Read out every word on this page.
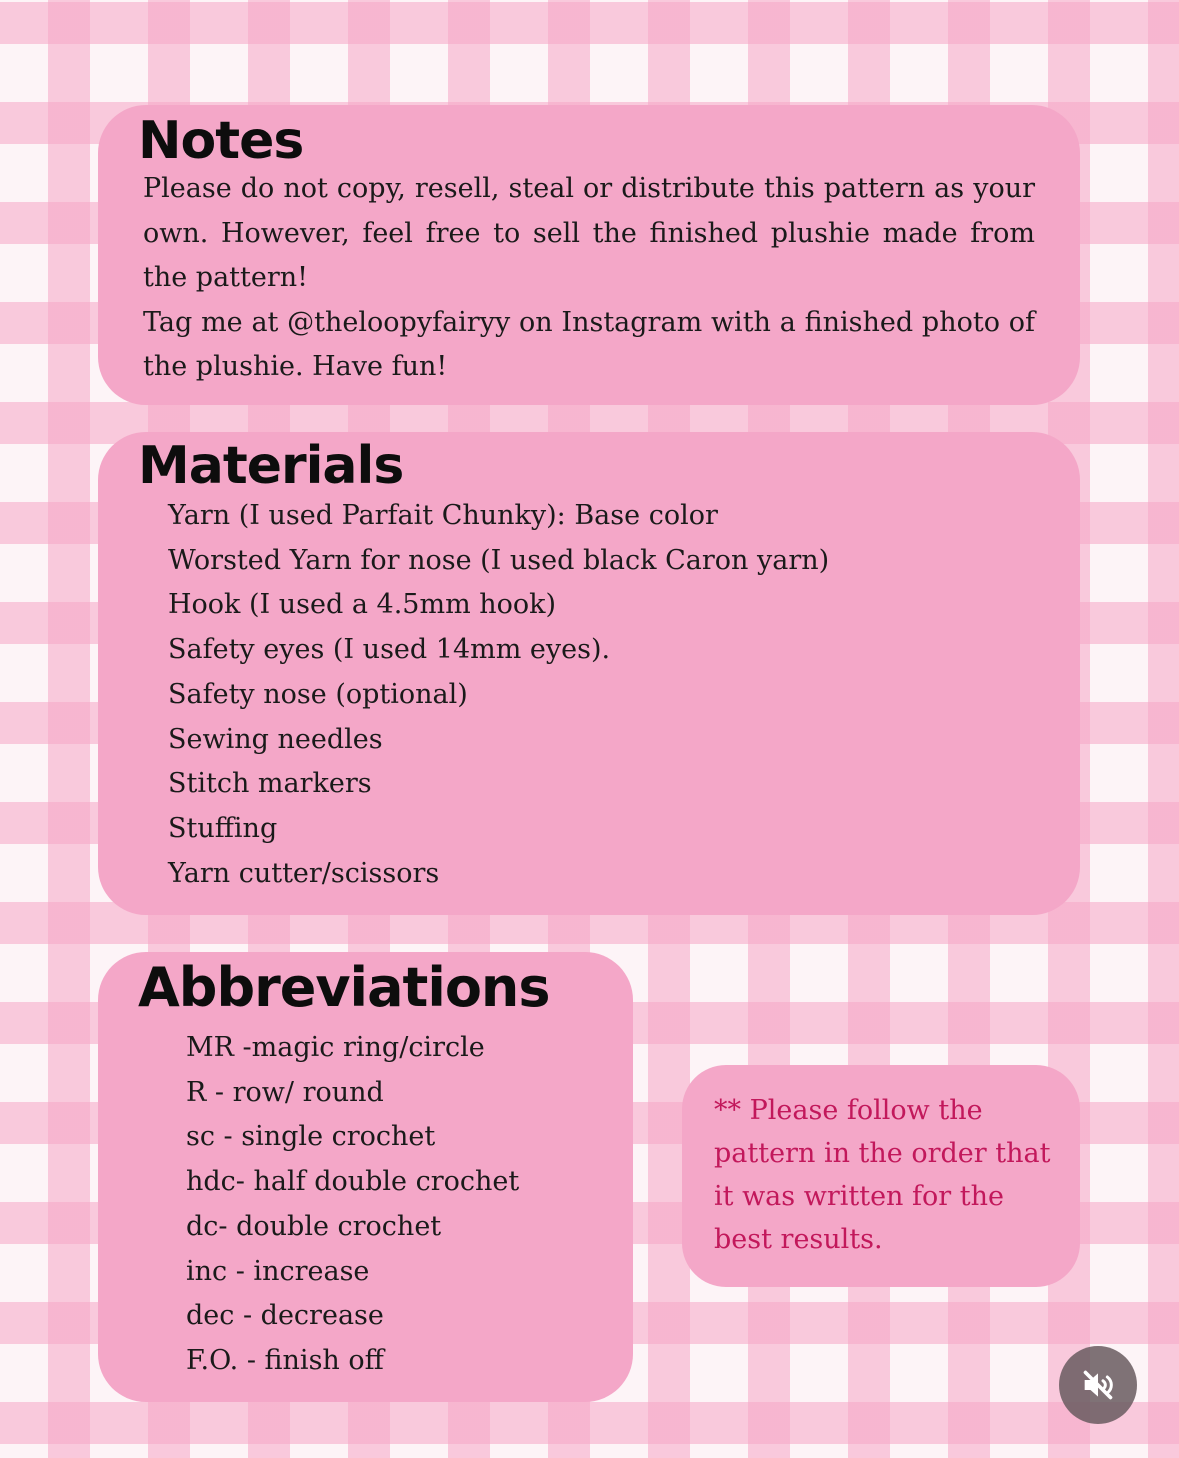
Notes

Please do not copy, resell, steal or distribute this pattern as your own. However, feel free to sell the finished plushie made from the pattern!

Tag me at @theloopyfairyy on Instagram with a finished photo of the plushie. Have fun!

Materials
Yarn (I used Parfait Chunky): Base color
Worsted Yarn for nose (I used black Caron yarn)
Hook (I used a 4.5mm hook)
Safety eyes (I used 14mm eyes).
Safety nose (optional)
Sewing needles
Stitch markers
Stuffing
Yarn cutter/scissors
Abbreviations
MR -magic ring/circle
R - row/ round
sc - single crochet
hdc- half double crochet
dc- double crochet
inc - increase
dec - decrease
F.O. - finish off

** Please follow the pattern in the order that it was written for the best results.
